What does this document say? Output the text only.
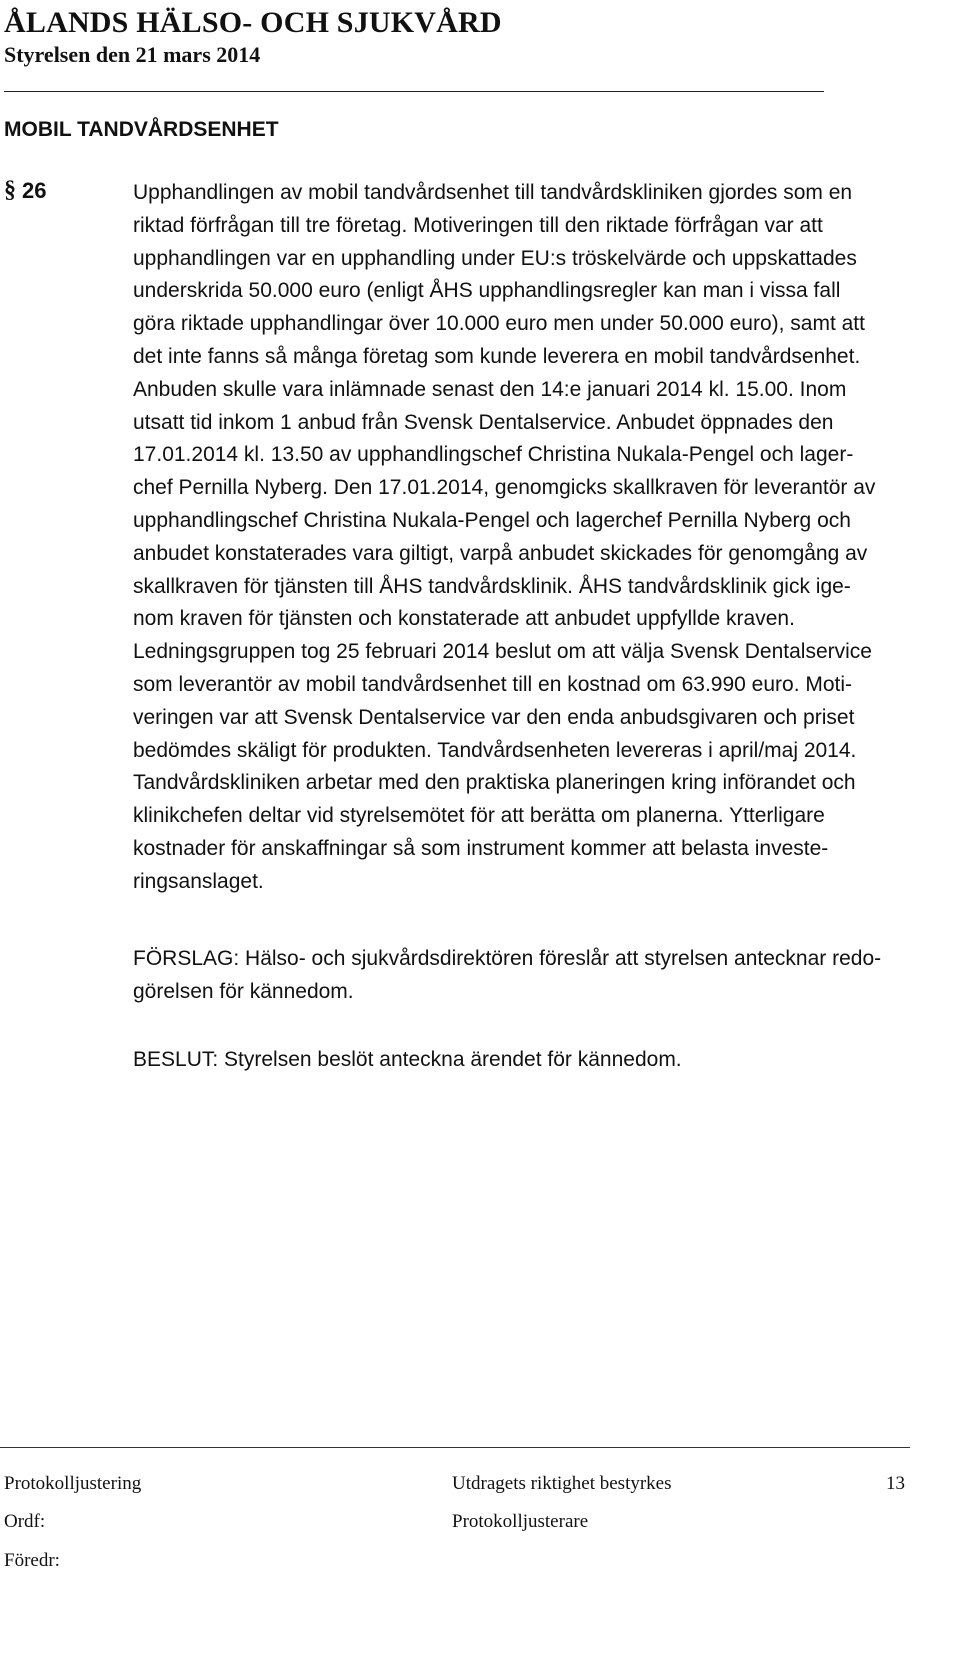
ÅLANDS HÄLSO- OCH SJUKVÅRD
Styrelsen den 21 mars 2014
MOBIL TANDVÅRDSENHET
§ 26	Upphandlingen av mobil tandvårdsenhet till tandvårdskliniken gjordes som en
riktad förfrågan till tre företag. Motiveringen till den riktade förfrågan var att
upphandlingen var en upphandling under EU:s tröskelvärde och uppskattades
underskrida 50.000 euro (enligt ÅHS upphandlingsregler kan man i vissa fall
göra riktade upphandlingar över 10.000 euro men under 50.000 euro), samt att
det inte fanns så många företag som kunde leverera en mobil tandvårdsenhet.
Anbuden skulle vara inlämnade senast den 14:e januari 2014 kl. 15.00. Inom
utsatt tid inkom 1 anbud från Svensk Dentalservice. Anbudet öppnades den
17.01.2014 kl. 13.50 av upphandlingschef Christina Nukala-Pengel och lager-
chef Pernilla Nyberg. Den 17.01.2014, genomgicks skallkraven för leverantör av
upphandlingschef Christina Nukala-Pengel och lagerchef Pernilla Nyberg och
anbudet konstaterades vara giltigt, varpå anbudet skickades för genomgång av
skallkraven för tjänsten till ÅHS tandvårdsklinik. ÅHS tandvårdsklinik gick ige-
nom kraven för tjänsten och konstaterade att anbudet uppfyllde kraven.
Ledningsgruppen tog 25 februari 2014 beslut om att välja Svensk Dentalservice
som leverantör av mobil tandvårdsenhet till en kostnad om 63.990 euro. Moti-
veringen var att Svensk Dentalservice var den enda anbudsgivaren och priset
bedömdes skäligt för produkten. Tandvårdsenheten levereras i april/maj 2014.
Tandvårdskliniken arbetar med den praktiska planeringen kring införandet och
klinikchefen deltar vid styrelsemötet för att berätta om planerna. Ytterligare
kostnader för anskaffningar så som instrument kommer att belasta investe-
ringsanslaget.
FÖRSLAG: Hälso- och sjukvårdsdirektören föreslår att styrelsen antecknar redo-
görelsen för kännedom.
BESLUT: Styrelsen beslöt anteckna ärendet för kännedom.
Protokolljustering	Utdragets riktighet bestyrkes	13
Ordf:	Protokolljusterare
Föredr:
